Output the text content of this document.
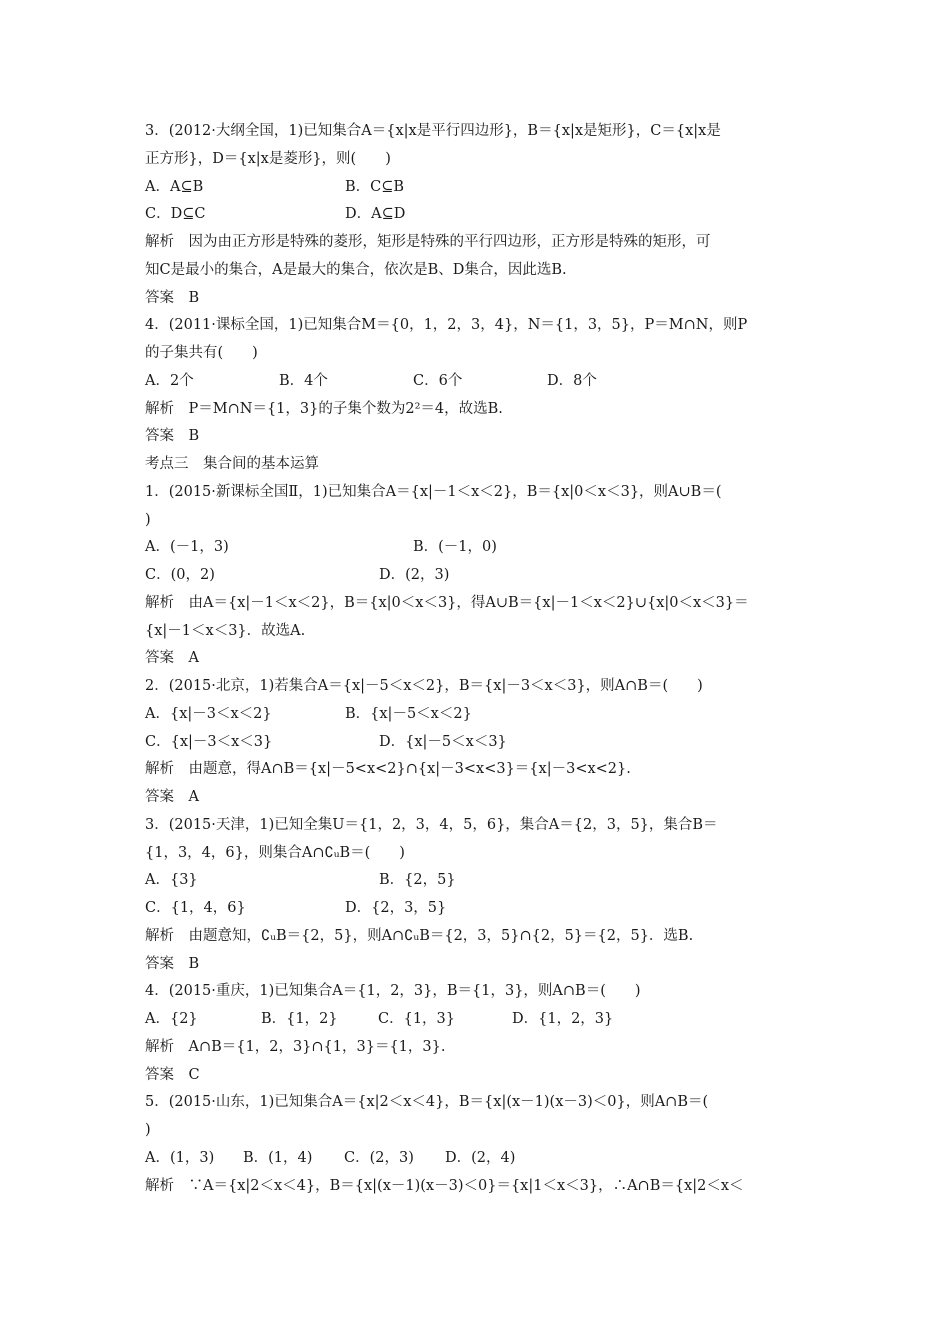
3．(2012·大纲全国，1)已知集合A＝{x|x是平行四边形}，B＝{x|x是矩形}，C＝{x|x是
正方形}，D＝{x|x是菱形}，则(　　)
A．A⊆B	B．C⊆B
C．D⊆C	D．A⊆D
解析　因为由正方形是特殊的菱形，矩形是特殊的平行四边形，正方形是特殊的矩形，可
知C是最小的集合，A是最大的集合，依次是B、D集合，因此选B.
答案　B
4．(2011·课标全国，1)已知集合M＝{0，1，2，3，4}，N＝{1，3，5}，P＝M∩N，则P
的子集共有(　　)
A．2个	B．4个	C．6个	D．8个
解析　P＝M∩N＝{1，3}的子集个数为2²＝4，故选B.
答案　B
考点三　集合间的基本运算
1．(2015·新课标全国Ⅱ，1)已知集合A＝{x|－1＜x＜2}，B＝{x|0＜x＜3}，则A∪B＝(
)
A．(－1，3)	B．(－1，0)
C．(0，2)	D．(2，3)
解析　由A＝{x|－1＜x＜2}，B＝{x|0＜x＜3}，得A∪B＝{x|－1＜x＜2}∪{x|0＜x＜3}＝
{x|－1＜x＜3}．故选A.
答案　A
2．(2015·北京，1)若集合A＝{x|－5＜x＜2}，B＝{x|－3＜x＜3}，则A∩B＝(　　)
A．{x|－3＜x＜2}	B．{x|－5＜x＜2}
C．{x|－3＜x＜3}	D．{x|－5＜x＜3}
解析　由题意，得A∩B＝{x|－5<x<2}∩{x|－3<x<3}＝{x|－3<x<2}.
答案　A
3．(2015·天津，1)已知全集U＝{1，2，3，4，5，6}，集合A＝{2，3，5}，集合B＝
{1，3，4，6}，则集合A∩∁ᵤB＝(　　)
A．{3}	B．{2，5}
C．{1，4，6}	D．{2，3，5}
解析　由题意知，∁ᵤB＝{2，5}，则A∩∁ᵤB＝{2，3，5}∩{2，5}＝{2，5}．选B.
答案　B
4．(2015·重庆，1)已知集合A＝{1，2，3}，B＝{1，3}，则A∩B＝(　　)
A．{2}	B．{1，2}	C．{1，3}	D．{1，2，3}
解析　A∩B＝{1，2，3}∩{1，3}＝{1，3}.
答案　C
5．(2015·山东，1)已知集合A＝{x|2＜x＜4}，B＝{x|(x－1)(x－3)＜0}，则A∩B＝(
)
A．(1，3)	B．(1，4)	C．(2，3)	D．(2，4)
解析　∵A＝{x|2＜x＜4}，B＝{x|(x－1)(x－3)＜0}＝{x|1＜x＜3}，∴A∩B＝{x|2＜x＜
